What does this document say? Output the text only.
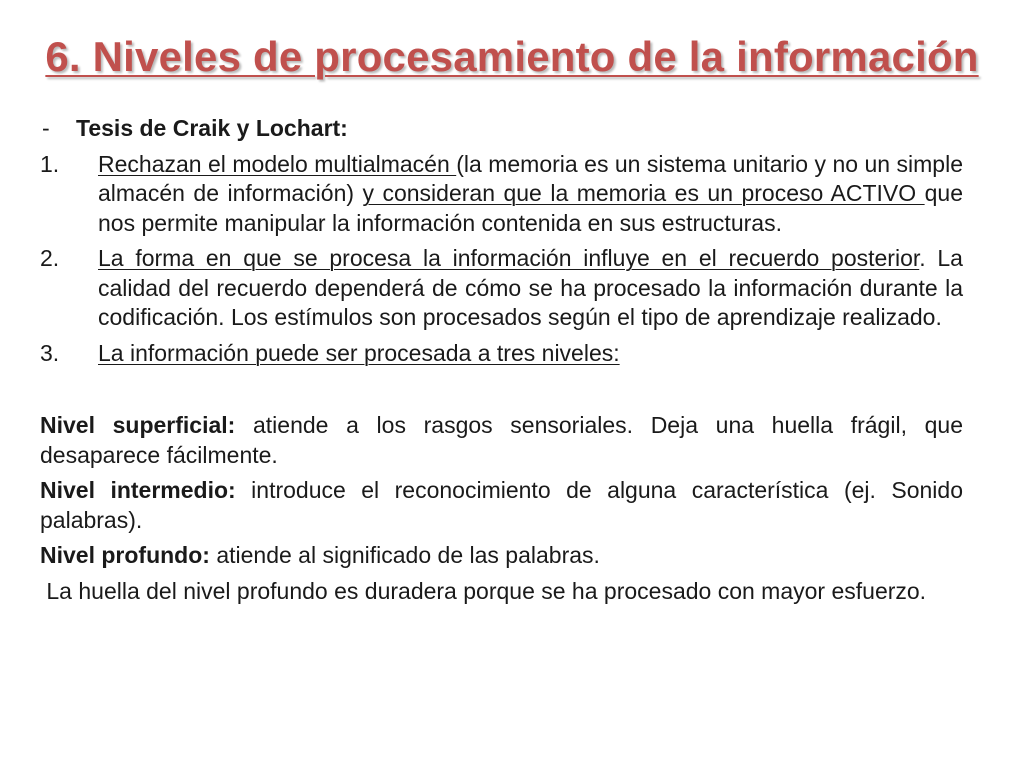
6. Niveles de procesamiento de la información
-	Tesis de Craik y Lochart:
1.	Rechazan el modelo multialmacén (la memoria es un sistema unitario y no un simple almacén de información) y consideran que la memoria es un proceso ACTIVO que nos permite manipular la información contenida en sus estructuras.
2.	La forma en que se procesa la información influye en el recuerdo posterior. La calidad del recuerdo dependerá de cómo se ha procesado la información durante la codificación. Los estímulos son procesados según el tipo de aprendizaje realizado.
3.	La información puede ser procesada a tres niveles:
Nivel superficial: atiende a los rasgos sensoriales. Deja una huella frágil, que desaparece fácilmente.
Nivel intermedio: introduce el reconocimiento de alguna característica (ej. Sonido palabras).
Nivel profundo: atiende al significado de las palabras.
La huella del nivel profundo es duradera porque se ha procesado con mayor esfuerzo.
